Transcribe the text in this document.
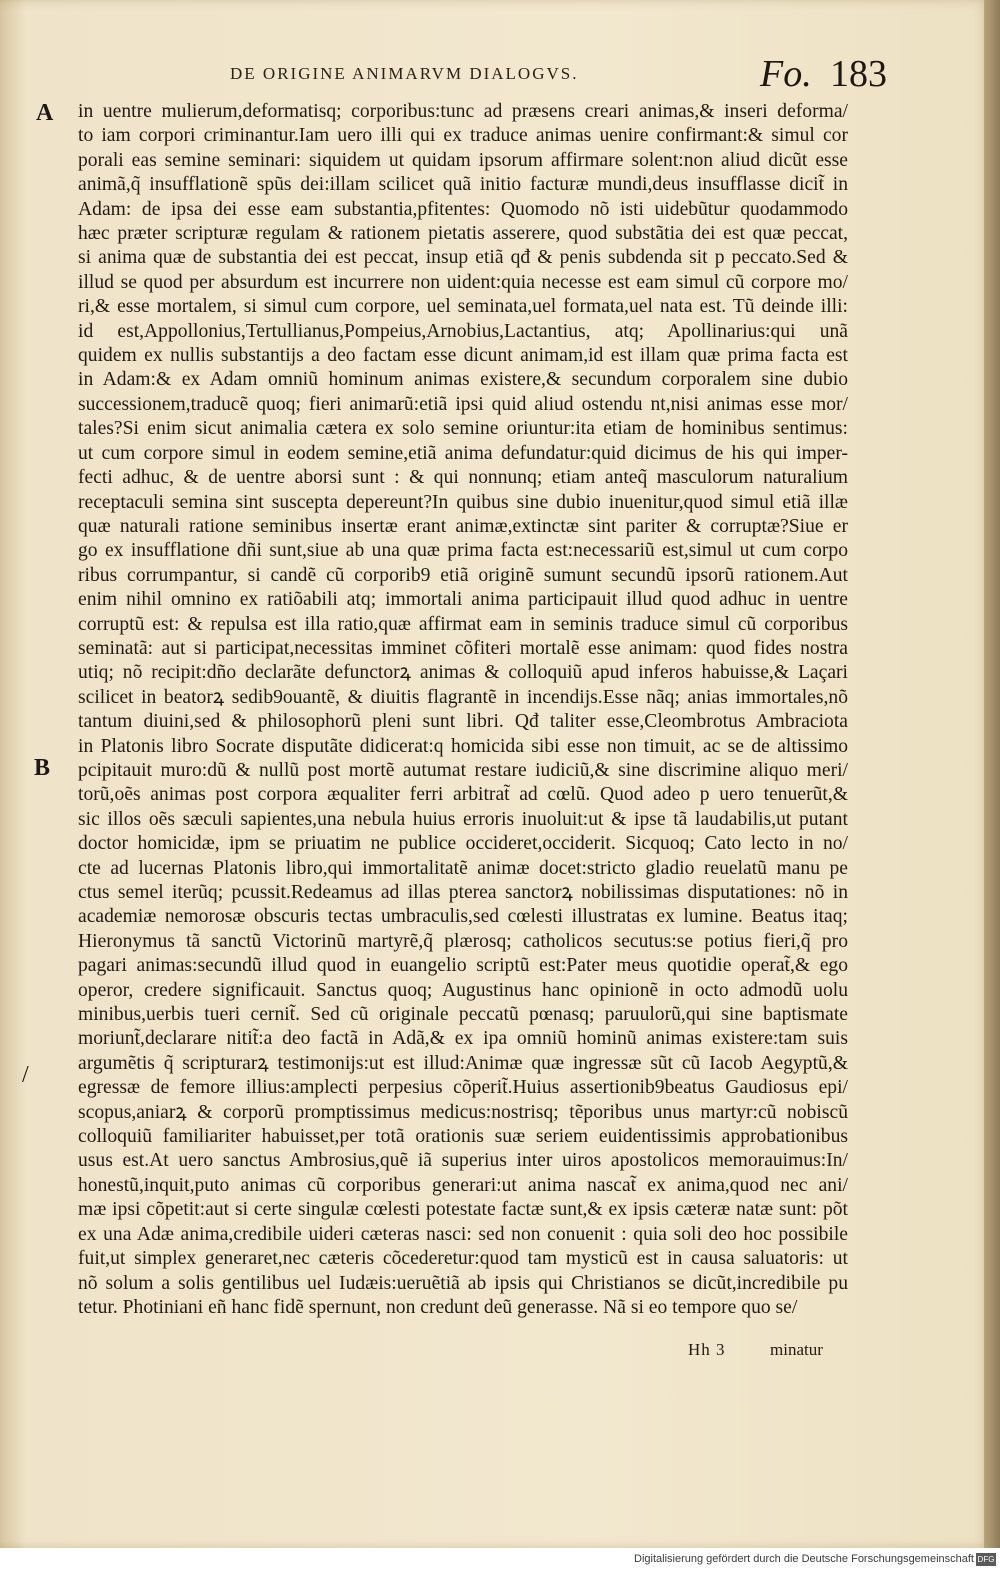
DE ORIGINE ANIMARVM DIALOGVS.	Fo. 183
A
B
/
in uentre mulierum,deformatisq; corporibus:tunc ad præsens creari animas,& inseri deforma/
to iam corpori criminantur.Iam uero illi qui ex traduce animas uenire confirmant:& simul cor
porali eas semine seminari: siquidem ut quidam ipsorum affirmare solent:non aliud dicũt esse
animã,q̃ insufflationẽ spũs dei:illam scilicet quã initio facturæ mundi,deus insufflasse dicit̃ in
Adam: de ipsa dei esse eam substantia,pfitentes: Quomodo nõ isti uidebũtur quodammodo
hæc præter scripturæ regulam & rationem pietatis asserere, quod substãtia dei est quæ peccat,
si anima quæ de substantia dei est peccat, insup etiã qđ & penis subdenda sit p peccato.Sed &
illud se quod per absurdum est incurrere non uident:quia necesse est eam simul cũ corpore mo/
ri,& esse mortalem, si simul cum corpore, uel seminata,uel formata,uel nata est. Tũ deinde illi:
id est,Appollonius,Tertullianus,Pompeius,Arnobius,Lactantius, atq; Apollinarius:qui unã
quidem ex nullis substantijs a deo factam esse dicunt animam,id est illam quæ prima facta est
in Adam:& ex Adam omniũ hominum animas existere,& secundum corporalem sine dubio
successionem,traducẽ quoq; fieri animarũ:etiã ipsi quid aliud ostendu nt,nisi animas esse mor/
tales?Si enim sicut animalia cætera ex solo semine oriuntur:ita etiam de hominibus sentimus:
ut cum corpore simul in eodem semine,etiã anima defundatur:quid dicimus de his qui imper-
fecti adhuc, & de uentre aborsi sunt : & qui nonnunq; etiam anteq̃ masculorum naturalium
receptaculi semina sint suscepta depereunt?In quibus sine dubio inuenitur,quod simul etiã illæ
quæ naturali ratione seminibus insertæ erant animæ,extinctæ sint pariter & corruptæ?Siue er
go ex insufflatione dñi sunt,siue ab una quæ prima facta est:necessariũ est,simul ut cum corpo
ribus corrumpantur, si candẽ cũ corporib9 etiã originẽ sumunt secundũ ipsorũ rationem.Aut
enim nihil omnino ex ratiõabili atq; immortali anima participauit illud quod adhuc in uentre
corruptũ est: & repulsa est illa ratio,quæ affirmat eam in seminis traduce simul cũ corporibus
seminatã: aut si participat,necessitas imminet cõfiteri mortalẽ esse animam: quod fides nostra
utiq; nõ recipit:dño declarãte defunctorꝝ animas & colloquiũ apud inferos habuisse,& Laçari
scilicet in beatorꝝ sedib9ouantẽ, & diuitis flagrantẽ in incendijs.Esse nãq; anias immortales,nõ
tantum diuini,sed & philosophorũ pleni sunt libri. Qđ taliter esse,Cleombrotus Ambraciota
in Platonis libro Socrate disputãte didicerat:q homicida sibi esse non timuit, ac se de altissimo
pcipitauit muro:dũ & nullũ post mortẽ autumat restare iudiciũ,& sine discrimine aliquo meri/
torũ,oẽs animas post corpora æqualiter ferri arbitrat̃ ad cœlũ. Quod adeo p uero tenuerũt,&
sic illos oẽs sæculi sapientes,una nebula huius erroris inuoluit:ut & ipse tã laudabilis,ut putant
doctor homicidæ, ipm se priuatim ne publice occideret,occiderit. Sicquoq; Cato lecto in no/
cte ad lucernas Platonis libro,qui immortalitatẽ animæ docet:stricto gladio reuelatũ manu pe
ctus semel iterũq; pcussit.Redeamus ad illas ptereа sanctorꝝ nobilissimas disputationes: nõ in
academiæ nemorosæ obscuris tectas umbraculis,sed cœlesti illustratas ex lumine. Beatus itaq;
Hieronymus tã sanctũ Victorinũ martyrẽ,q̃ plærosq; catholicos secutus:se potius fieri,q̃ pro
pagari animas:secundũ illud quod in euangelio scriptũ est:Pater meus quotidie operat̃,& ego
operor, credere significauit. Sanctus quoq; Augustinus hanc opinionẽ in octo admodũ uolu
minibus,uerbis tueri cernit̃. Sed cũ originale peccatũ pœnasq; paruulorũ,qui sine baptismate
moriunt̃,declarare nitit̃:a deo factã in Adã,& ex ipa omniũ hominũ animas existere:tam suis
argumẽtis q̃ scripturarꝝ testimonijs:ut est illud:Animæ quæ ingressæ sũt cũ Iacob Aegyptũ,&
egressæ de femore illius:amplecti perpesius cõperit̃.Huius assertionib9beatus Gaudiosus epi/
scopus,aniarꝝ & corporũ promptissimus medicus:nostrisq; tẽporibus unus martyr:cũ nobiscũ
colloquiũ familiariter habuisset,per totã orationis suæ seriem euidentissimis approbationibus
usus est.At uero sanctus Ambrosius,quẽ iã superius inter uiros apostolicos memorauimus:In/
honestũ,inquit,puto animas cũ corporibus generari:ut anima nascat̃ ex anima,quod nec ani/
mæ ipsi cõpetit:aut si certe singulæ cœlesti potestate factæ sunt,& ex ipsis cæteræ natæ sunt: põt
ex una Adæ anima,credibile uideri cæteras nasci: sed non conuenit : quia soli deo hoc possibile
fuit,ut simplex generaret,nec cæteris cõcederetur:quod tam mysticũ est in causa saluatoris: ut
nõ solum a solis gentilibus uel Iudæis:ueruẽtiã ab ipsis qui Christianos se dicũt,incredibile pu
tetur. Photiniani eñ hanc fidẽ spernunt, non credunt deũ generasse. Nã si eo tempore quo se/
Hh 3	minatur
Digitalisierung gefördert durch die Deutsche Forschungsgemeinschaft DFG
